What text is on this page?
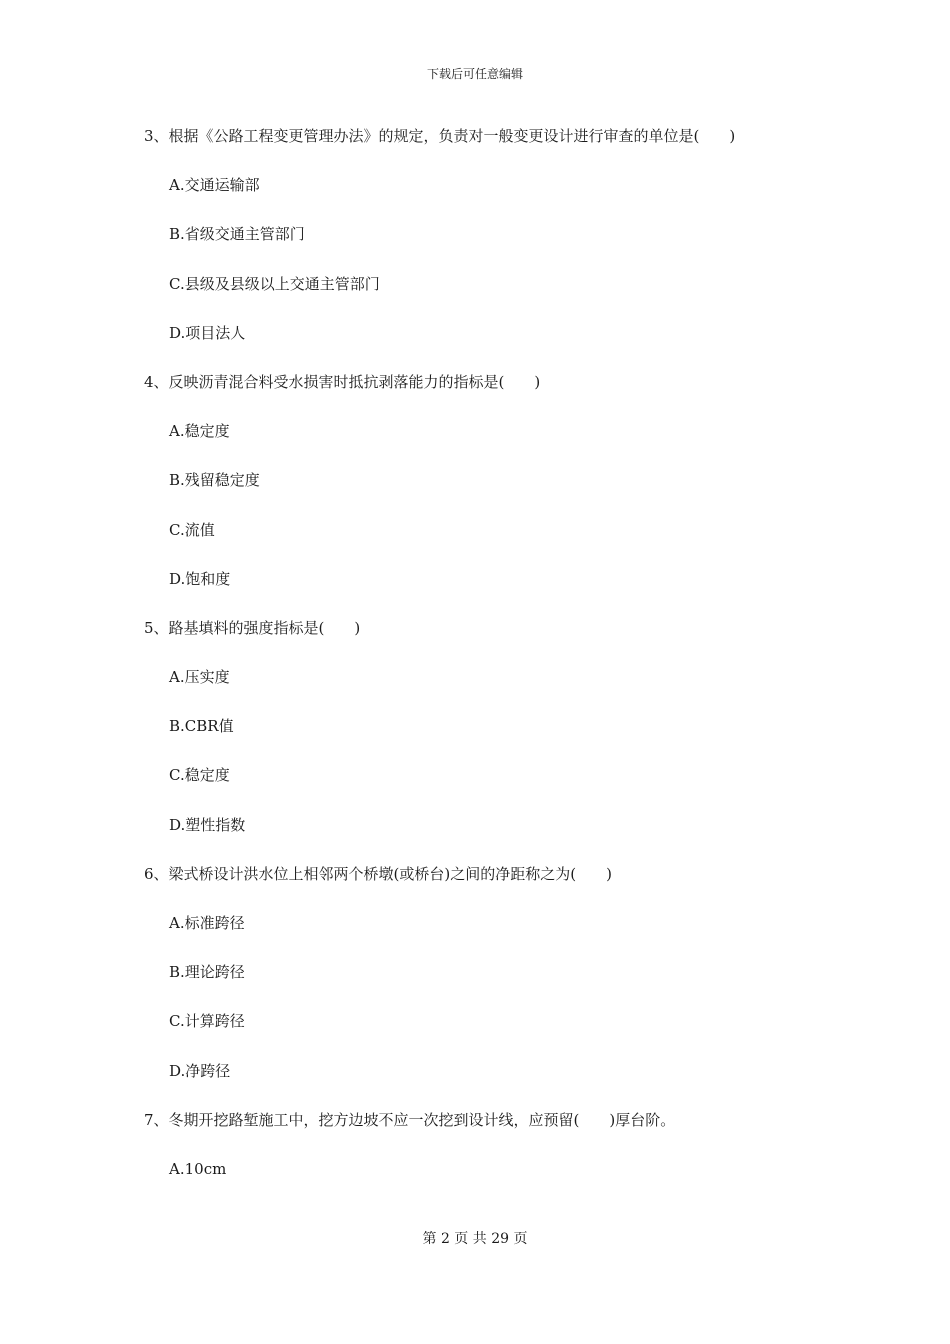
下载后可任意编辑
3、根据《公路工程变更管理办法》的规定，负责对一般变更设计进行审查的单位是(　　)
A.交通运输部
B.省级交通主管部门
C.县级及县级以上交通主管部门
D.项目法人
4、反映沥青混合料受水损害时抵抗剥落能力的指标是(　　)
A.稳定度
B.残留稳定度
C.流值
D.饱和度
5、路基填料的强度指标是(　　)
A.压实度
B.CBR值
C.稳定度
D.塑性指数
6、梁式桥设计洪水位上相邻两个桥墩(或桥台)之间的净距称之为(　　)
A.标准跨径
B.理论跨径
C.计算跨径
D.净跨径
7、冬期开挖路堑施工中，挖方边坡不应一次挖到设计线，应预留(　　)厚台阶。
A.10cm
第 2 页 共 29 页
